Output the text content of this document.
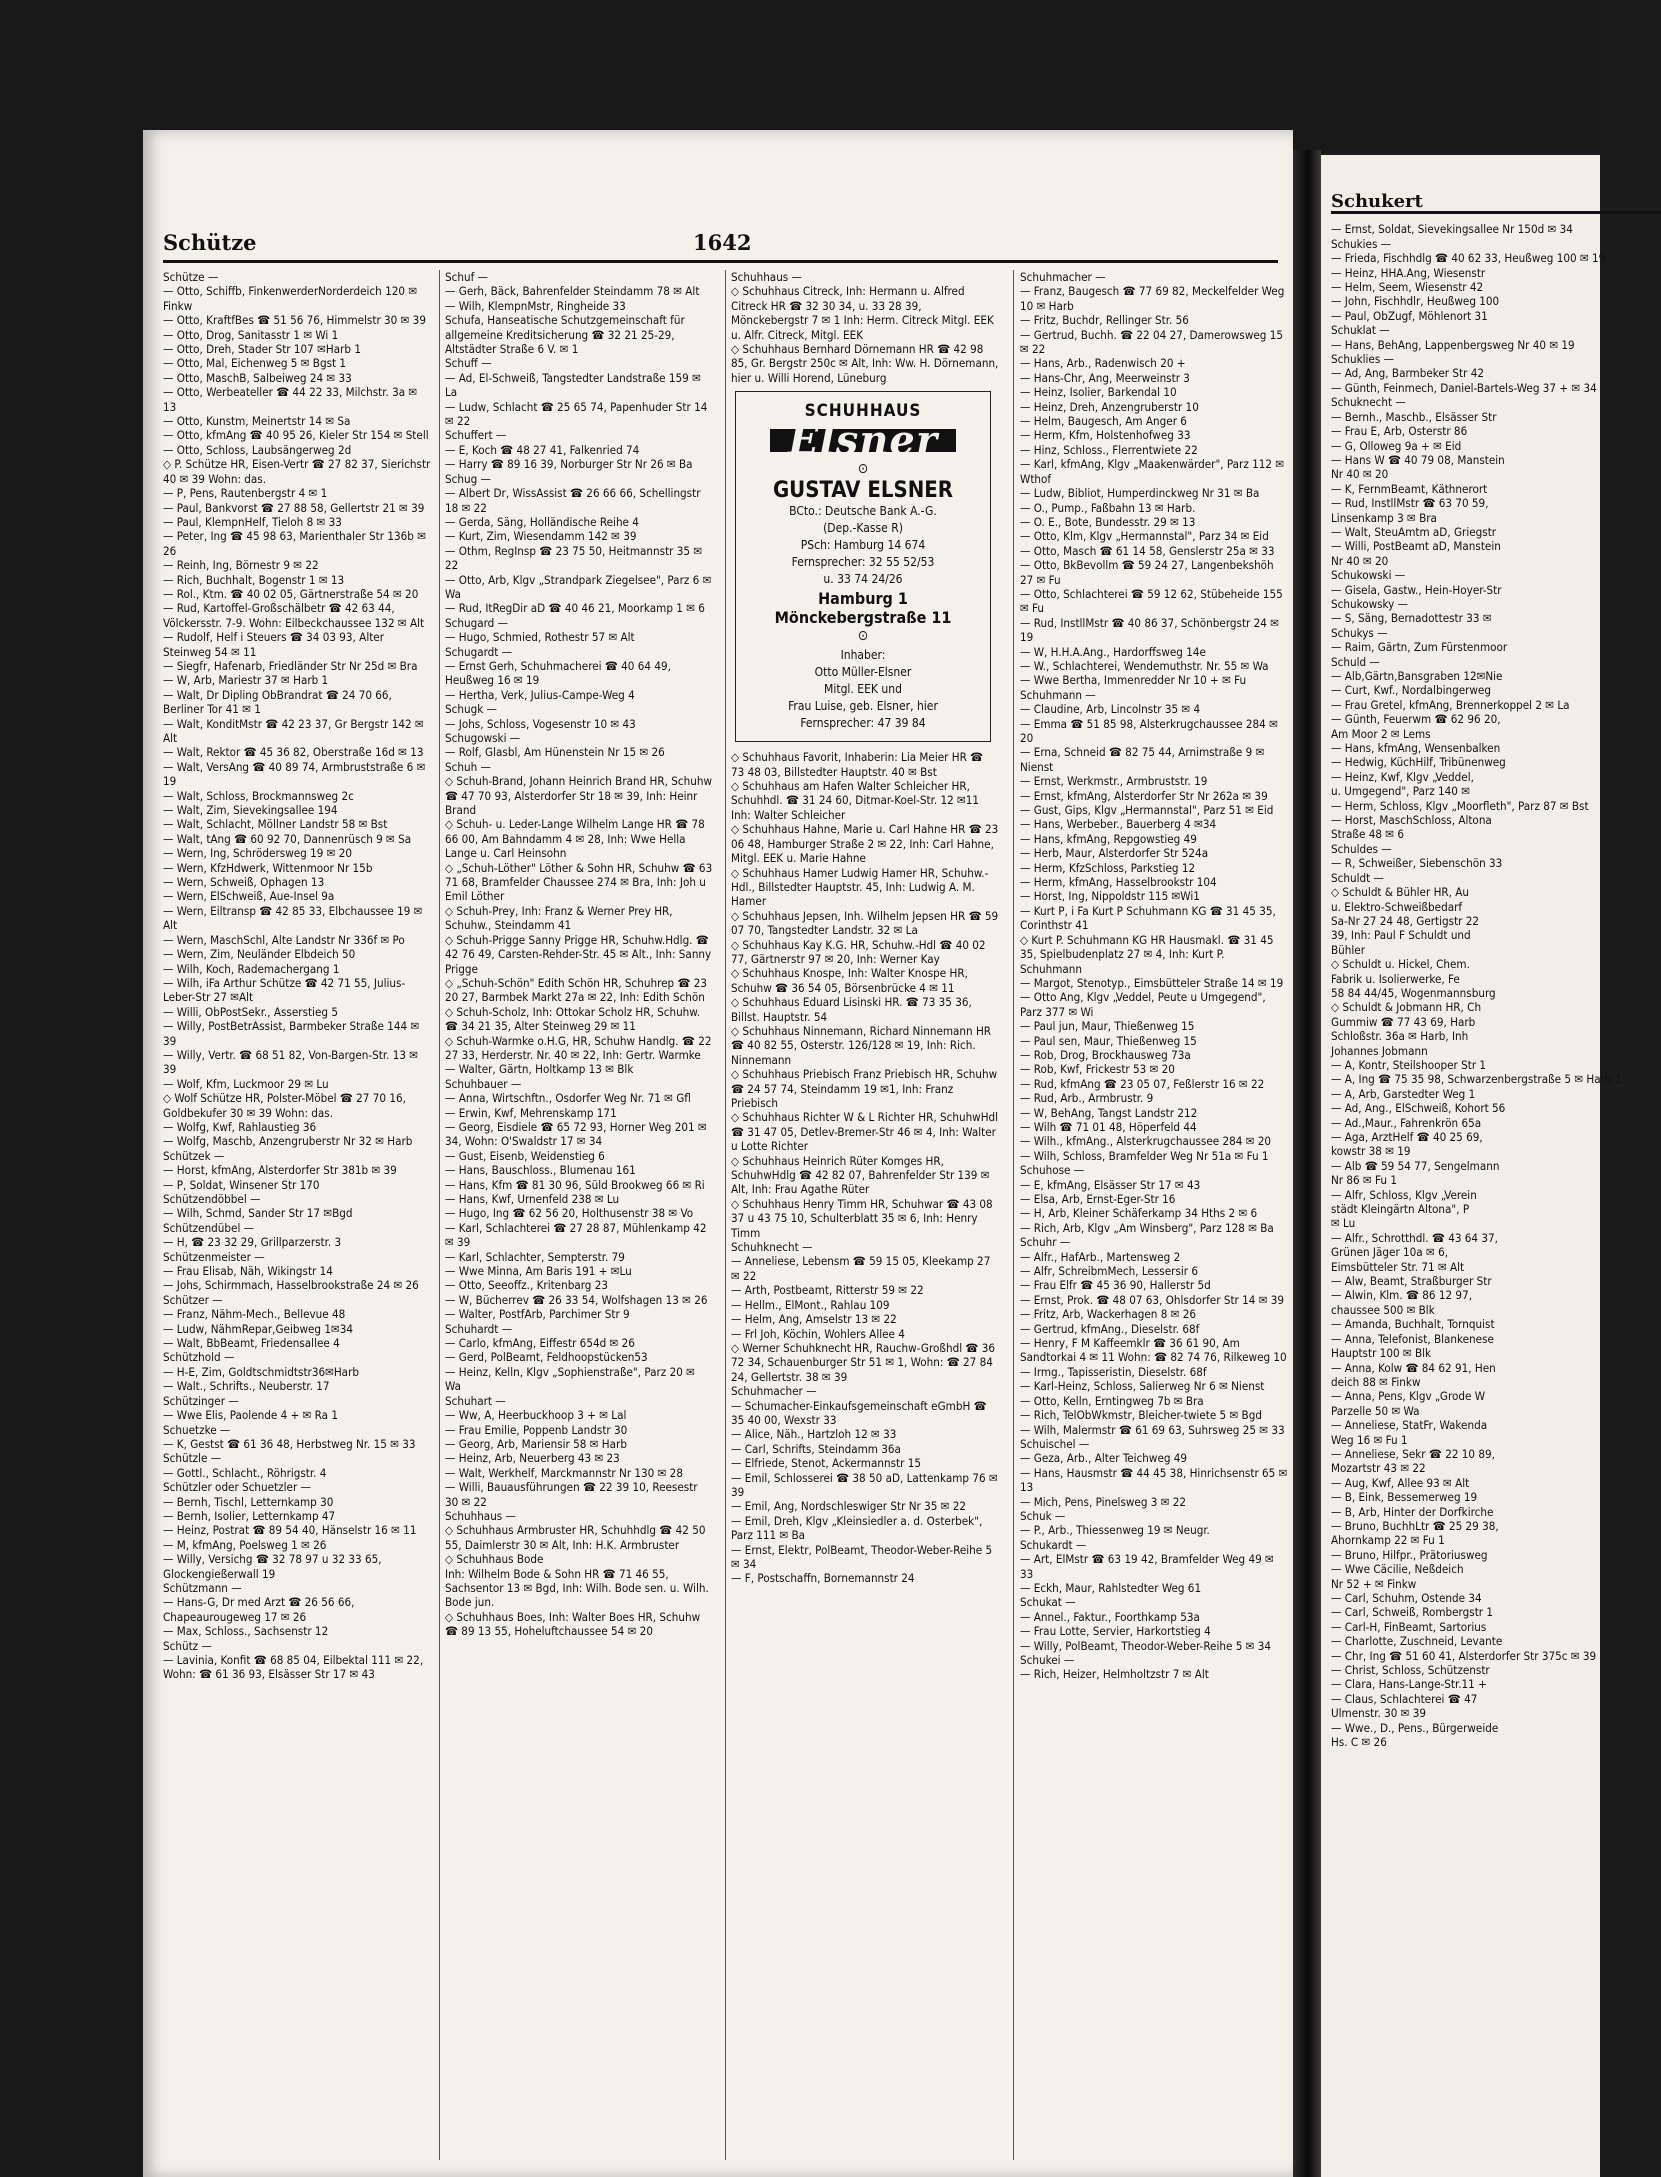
Schütze	1642
Schütze —
— Otto, Schiffb, FinkenwerderNorderdeich 120 ✉ Finkw
— Otto, KraftfBes ☎ 51 56 76, Himmelstr 30 ✉ 39
— Otto, Drog, Sanitasstr 1 ✉ Wi 1
— Otto, Dreh, Stader Str 107 ✉Harb 1
— Otto, Mal, Eichenweg 5 ✉ Bgst 1
— Otto, MaschB, Salbeiweg 24 ✉ 33
— Otto, Werbeateller ☎ 44 22 33, Milchstr. 3a ✉ 13
— Otto, Kunstm, Meinertstr 14 ✉ Sa
— Otto, kfmAng ☎ 40 95 26, Kieler Str 154 ✉ Stell
— Otto, Schloss, Laubsängerweg 2d
◇ P. Schütze HR, Eisen-Vertr ☎ 27 82 37, Sierichstr 40 ✉ 39 Wohn: das.
— P, Pens, Rautenbergstr 4 ✉ 1
— Paul, Bankvorst ☎ 27 88 58, Gellertstr 21 ✉ 39
— Paul, KlempnHelf, Tieloh 8 ✉ 33
— Peter, Ing ☎ 45 98 63, Marienthaler Str 136b ✉ 26
— Reinh, Ing, Börnestr 9 ✉ 22
— Rich, Buchhalt, Bogenstr 1 ✉ 13
— Rol., Ktm. ☎ 40 02 05, Gärtnerstraße 54 ✉ 20
— Rud, Kartoffel-Großschälbetr ☎ 42 63 44, Völckersstr. 7-9. Wohn: Eilbeckchaussee 132 ✉ Alt
— Rudolf, Helf i Steuers ☎ 34 03 93, Alter Steinweg 54 ✉ 11
— Siegfr, Hafenarb, Friedländer Str Nr 25d ✉ Bra
— W, Arb, Mariestr 37 ✉ Harb 1
— Walt, Dr Dipling ObBrandrat ☎ 24 70 66, Berliner Tor 41 ✉ 1
— Walt, KonditMstr ☎ 42 23 37, Gr Bergstr 142 ✉ Alt
— Walt, Rektor ☎ 45 36 82, Oberstraße 16d ✉ 13
— Walt, VersAng ☎ 40 89 74, Armbruststraße 6 ✉ 19
— Walt, Schloss, Brockmannsweg 2c
— Walt, Zim, Sievekingsallee 194
— Walt, Schlacht, Möllner Landstr 58 ✉ Bst
— Walt, tAng ☎ 60 92 70, Dannenrüsch 9 ✉ Sa
— Wern, Ing, Schrödersweg 19 ✉ 20
— Wern, KfzHdwerk, Wittenmoor Nr 15b
— Wern, Schweiß, Ophagen 13
— Wern, ElSchweiß, Aue-Insel 9a
— Wern, Eiltransp ☎ 42 85 33, Elbchaussee 19 ✉ Alt
— Wern, MaschSchl, Alte Landstr Nr 336f ✉ Po
— Wern, Zim, Neuländer Elbdeich 50
— Wilh, Koch, Rademachergang 1
— Wilh, iFa Arthur Schütze ☎ 42 71 55, Julius-Leber-Str 27 ✉Alt
— Willi, ObPostSekr., Asserstieg 5
— Willy, PostBetrAssist, Barmbeker Straße 144 ✉ 39
— Willy, Vertr. ☎ 68 51 82, Von-Bargen-Str. 13 ✉ 39
— Wolf, Kfm, Luckmoor 29 ✉ Lu
◇ Wolf Schütze HR, Polster-Möbel ☎ 27 70 16, Goldbekufer 30 ✉ 39 Wohn: das.
— Wolfg, Kwf, Rahlaustieg 36
— Wolfg, Maschb, Anzengruberstr Nr 32 ✉ Harb
Schützek —
— Horst, kfmAng, Alsterdorfer Str 381b ✉ 39
— P, Soldat, Winsener Str 170
Schützendöbbel —
— Wilh, Schmd, Sander Str 17 ✉Bgd
Schützendübel —
— H, ☎ 23 32 29, Grillparzerstr. 3
Schützenmeister —
— Frau Elisab, Näh, Wikingstr 14
— Johs, Schirmmach, Hasselbrookstraße 24 ✉ 26
Schützer —
— Franz, Nähm-Mech., Bellevue 48
— Ludw, NähmRepar,Geibweg 1✉34
— Walt, BbBeamt, Friedensallee 4
Schützhold —
— H-E, Zim, Goldtschmidtstr36✉Harb
— Walt., Schrifts., Neuberstr. 17
Schützinger —
— Wwe Elis, Paolende 4 + ✉ Ra 1
Schuetzke —
— K, Gestst ☎ 61 36 48, Herbstweg Nr. 15 ✉ 33
Schützle —
— Gottl., Schlacht., Röhrigstr. 4
Schützler oder Schuetzler —
— Bernh, Tischl, Letternkamp 30
— Bernh, Isolier, Letternkamp 47
— Heinz, Postrat ☎ 89 54 40, Hänselstr 16 ✉ 11
— M, kfmAng, Poelsweg 1 ✉ 26
— Willy, Versichg ☎ 32 78 97 u 32 33 65, Glockengießerwall 19
Schützmann —
— Hans-G, Dr med Arzt ☎ 26 56 66, Chapeaurougeweg 17 ✉ 26
— Max, Schloss., Sachsenstr 12
Schütz —
— Lavinia, Konfit ☎ 68 85 04, Eilbektal 111 ✉ 22, Wohn: ☎ 61 36 93, Elsässer Str 17 ✉ 43
Schuf —
— Gerh, Bäck, Bahrenfelder Steindamm 78 ✉ Alt
— Wilh, KlempnMstr, Ringheide 33
Schufa, Hanseatische Schutzgemeinschaft für allgemeine Kreditsicherung ☎ 32 21 25-29, Altstädter Straße 6 V. ✉ 1
Schuff —
— Ad, El-Schweiß, Tangstedter Landstraße 159 ✉ La
— Ludw, Schlacht ☎ 25 65 74, Papenhuder Str 14 ✉ 22
Schuffert —
— E, Koch ☎ 48 27 41, Falkenried 74
— Harry ☎ 89 16 39, Norburger Str Nr 26 ✉ Ba
Schug —
— Albert Dr, WissAssist ☎ 26 66 66, Schellingstr 18 ✉ 22
— Gerda, Säng, Holländische Reihe 4
— Kurt, Zim, Wiesendamm 142 ✉ 39
— Othm, RegInsp ☎ 23 75 50, Heitmannstr 35 ✉ 22
— Otto, Arb, Klgv „Strandpark Ziegelsee", Parz 6 ✉ Wa
— Rud, ItRegDir aD ☎ 40 46 21, Moorkamp 1 ✉ 6
Schugard —
— Hugo, Schmied, Rothestr 57 ✉ Alt
Schugardt —
— Ernst Gerh, Schuhmacherei ☎ 40 64 49, Heußweg 16 ✉ 19
— Hertha, Verk, Julius-Campe-Weg 4
Schugk —
— Johs, Schloss, Vogesenstr 10 ✉ 43
Schugowski —
— Rolf, Glasbl, Am Hünenstein Nr 15 ✉ 26
Schuh —
◇ Schuh-Brand, Johann Heinrich Brand HR, Schuhw ☎ 47 70 93, Alsterdorfer Str 18 ✉ 39, Inh: Heinr Brand
◇ Schuh- u. Leder-Lange Wilhelm Lange HR ☎ 78 66 00, Am Bahndamm 4 ✉ 28, Inh: Wwe Hella Lange u. Carl Heinsohn
◇ „Schuh-Löther" Löther & Sohn HR, Schuhw ☎ 63 71 68, Bramfelder Chaussee 274 ✉ Bra, Inh: Joh u Emil Löther
◇ Schuh-Prey, Inh: Franz & Werner Prey HR, Schuhw., Steindamm 41
◇ Schuh-Prigge Sanny Prigge HR, Schuhw.Hdlg. ☎ 42 76 49, Carsten-Rehder-Str. 45 ✉ Alt., Inh: Sanny Prigge
◇ „Schuh-Schön" Edith Schön HR, Schuhrep ☎ 23 20 27, Barmbek Markt 27a ✉ 22, Inh: Edith Schön
◇ Schuh-Scholz, Inh: Ottokar Scholz HR, Schuhw. ☎ 34 21 35, Alter Steinweg 29 ✉ 11
◇ Schuh-Warmke o.H.G, HR, Schuhw Handlg. ☎ 22 27 33, Herderstr. Nr. 40 ✉ 22, Inh: Gertr. Warmke
— Walter, Gärtn, Holtkamp 13 ✉ Blk
Schuhbauer —
— Anna, Wirtschftn., Osdorfer Weg Nr. 71 ✉ Gfl
— Erwin, Kwf, Mehrenskamp 171
— Georg, Eisdiele ☎ 65 72 93, Horner Weg 201 ✉ 34, Wohn: O'Swaldstr 17 ✉ 34
— Gust, Eisenb, Weidenstieg 6
— Hans, Bauschloss., Blumenau 161
— Hans, Kfm ☎ 81 30 96, Süld Brookweg 66 ✉ Ri
— Hans, Kwf, Urnenfeld 238 ✉ Lu
— Hugo, Ing ☎ 62 56 20, Holthusenstr 38 ✉ Vo
— Karl, Schlachterei ☎ 27 28 87, Mühlenkamp 42 ✉ 39
— Karl, Schlachter, Sempterstr. 79
— Wwe Minna, Am Baris 191 + ✉Lu
— Otto, Seeoffz., Kritenbarg 23
— W, Bücherrev ☎ 26 33 54, Wolfshagen 13 ✉ 26
— Walter, PostfArb, Parchimer Str 9
Schuhardt —
— Carlo, kfmAng, Eiffestr 654d ✉ 26
— Gerd, PolBeamt, Feldhoopstücken53
— Heinz, Kelln, Klgv „Sophienstraße", Parz 20 ✉ Wa
Schuhart —
— Ww, A, Heerbuckhoop 3 + ✉ Lal
— Frau Emilie, Poppenb Landstr 30
— Georg, Arb, Mariensir 58 ✉ Harb
— Heinz, Arb, Neuerberg 43 ✉ 23
— Walt, Werkhelf, Marckmannstr Nr 130 ✉ 28
— Willi, Bauausführungen ☎ 22 39 10, Reesestr 30 ✉ 22
Schuhhaus —
◇ Schuhhaus Armbruster HR, Schuhhdlg ☎ 42 50 55, Daimlerstr 30 ✉ Alt, Inh: H.K. Armbruster
◇ Schuhhaus Bode
Inh: Wilhelm Bode & Sohn HR ☎ 71 46 55, Sachsentor 13 ✉ Bgd, Inh: Wilh. Bode sen. u. Wilh. Bode jun.
◇ Schuhhaus Boes, Inh: Walter Boes HR, Schuhw ☎ 89 13 55, Hoheluftchaussee 54 ✉ 20
Schuhhaus —
◇ Schuhhaus Citreck, Inh: Hermann u. Alfred Citreck HR ☎ 32 30 34, u. 33 28 39, Mönckebergstr 7 ✉ 1 Inh: Herm. Citreck Mitgl. EEK u. Alfr. Citreck, Mitgl. EEK
◇ Schuhhaus Bernhard Dörnemann HR ☎ 42 98 85, Gr. Bergstr 250c ✉ Alt, Inh: Ww. H. Dörnemann, hier u. Willi Horend, Lüneburg
SCHUHHAUS
Elsner
⊙
GUSTAV ELSNER

BCto.: Deutsche Bank A.-G.

(Dep.-Kasse R)

PSch: Hamburg 14 674

Fernsprecher: 32 55 52/53

u. 33 74 24/26

Hamburg 1
Mönckebergstraße 11
⊙

Inhaber:

Otto Müller-Elsner

Mitgl. EEK und

Frau Luise, geb. Elsner, hier

Fernsprecher: 47 39 84

◇ Schuhhaus Favorit, Inhaberin: Lia Meier HR ☎ 73 48 03, Billstedter Hauptstr. 40 ✉ Bst
◇ Schuhhaus am Hafen Walter Schleicher HR, Schuhhdl. ☎ 31 24 60, Ditmar-Koel-Str. 12 ✉11 Inh: Walter Schleicher
◇ Schuhhaus Hahne, Marie u. Carl Hahne HR ☎ 23 06 48, Hamburger Straße 2 ✉ 22, Inh: Carl Hahne, Mitgl. EEK u. Marie Hahne
◇ Schuhhaus Hamer Ludwig Hamer HR, Schuhw.-Hdl., Billstedter Hauptstr. 45, Inh: Ludwig A. M. Hamer
◇ Schuhhaus Jepsen, Inh. Wilhelm Jepsen HR ☎ 59 07 70, Tangstedter Landstr. 32 ✉ La
◇ Schuhhaus Kay K.G. HR, Schuhw.-Hdl ☎ 40 02 77, Gärtnerstr 97 ✉ 20, Inh: Werner Kay
◇ Schuhhaus Knospe, Inh: Walter Knospe HR, Schuhw ☎ 36 54 05, Börsenbrücke 4 ✉ 11
◇ Schuhhaus Eduard Lisinski HR. ☎ 73 35 36, Billst. Hauptstr. 54
◇ Schuhhaus Ninnemann, Richard Ninnemann HR ☎ 40 82 55, Osterstr. 126/128 ✉ 19, Inh: Rich. Ninnemann
◇ Schuhhaus Priebisch Franz Priebisch HR, Schuhw ☎ 24 57 74, Steindamm 19 ✉1, Inh: Franz Priebisch
◇ Schuhhaus Richter W & L Richter HR, SchuhwHdl ☎ 31 47 05, Detlev-Bremer-Str 46 ✉ 4, Inh: Walter u Lotte Richter
◇ Schuhhaus Heinrich Rüter Komges HR, SchuhwHdlg ☎ 42 82 07, Bahrenfelder Str 139 ✉ Alt, Inh: Frau Agathe Rüter
◇ Schuhhaus Henry Timm HR, Schuhwar ☎ 43 08 37 u 43 75 10, Schulterblatt 35 ✉ 6, Inh: Henry Timm
Schuhknecht —
— Anneliese, Lebensm ☎ 59 15 05, Kleekamp 27 ✉ 22
— Arth, Postbeamt, Ritterstr 59 ✉ 22
— Hellm., ElMont., Rahlau 109
— Helm, Ang, Amselstr 13 ✉ 22
— Frl Joh, Köchin, Wohlers Allee 4
◇ Werner Schuhknecht HR, Rauchw-Großhdl ☎ 36 72 34, Schauenburger Str 51 ✉ 1, Wohn: ☎ 27 84 24, Gellertstr. 38 ✉ 39
Schuhmacher —
— Schumacher-Einkaufsgemeinschaft eGmbH ☎ 35 40 00, Wexstr 33
— Alice, Näh., Hartzloh 12 ✉ 33
— Carl, Schrifts, Steindamm 36a
— Elfriede, Stenot, Ackermannstr 15
— Emil, Schlosserei ☎ 38 50 aD, Lattenkamp 76 ✉ 39
— Emil, Ang, Nordschleswiger Str Nr 35 ✉ 22
— Emil, Dreh, Klgv „Kleinsiedler a. d. Osterbek", Parz 111 ✉ Ba
— Ernst, Elektr, PolBeamt, Theodor-Weber-Reihe 5 ✉ 34
— F, Postschaffn, Bornemannstr 24
Schuhmacher —
— Franz, Baugesch ☎ 77 69 82, Meckelfelder Weg 10 ✉ Harb
— Fritz, Buchdr, Rellinger Str. 56
— Gertrud, Buchh. ☎ 22 04 27, Damerowsweg 15 ✉ 22
— Hans, Arb., Radenwisch 20 +
— Hans-Chr, Ang, Meerweinstr 3
— Heinz, Isolier, Barkendal 10
— Heinz, Dreh, Anzengruberstr 10
— Helm, Baugesch, Am Anger 6
— Herm, Kfm, Holstenhofweg 33
— Hinz, Schloss., Flerrentwiete 22
— Karl, kfmAng, Klgv „Maakenwärder", Parz 112 ✉ Wthof
— Ludw, Bibliot, Humperdinckweg Nr 31 ✉ Ba
— O., Pump., Faßbahn 13 ✉ Harb.
— O. E., Bote, Bundesstr. 29 ✉ 13
— Otto, Klm, Klgv „Hermannstal", Parz 34 ✉ Eid
— Otto, Masch ☎ 61 14 58, Genslerstr 25a ✉ 33
— Otto, BkBevollm ☎ 59 24 27, Langenbekshöh 27 ✉ Fu
— Otto, Schlachterei ☎ 59 12 62, Stübeheide 155 ✉ Fu
— Rud, InstllMstr ☎ 40 86 37, Schönbergstr 24 ✉ 19
— W, H.H.A.Ang., Hardorffsweg 14e
— W., Schlachterei, Wendemuthstr. Nr. 55 ✉ Wa
— Wwe Bertha, Immenredder Nr 10 + ✉ Fu
Schuhmann —
— Claudine, Arb, Lincolnstr 35 ✉ 4
— Emma ☎ 51 85 98, Alsterkrugchaussee 284 ✉ 20
— Erna, Schneid ☎ 82 75 44, Arnimstraße 9 ✉ Nienst
— Ernst, Werkmstr., Armbruststr. 19
— Ernst, kfmAng, Alsterdorfer Str Nr 262a ✉ 39
— Gust, Gips, Klgv „Hermannstal", Parz 51 ✉ Eid
— Hans, Werbeber., Bauerberg 4 ✉34
— Hans, kfmAng, Repgowstieg 49
— Herb, Maur, Alsterdorfer Str 524a
— Herm, KfzSchloss, Parkstieg 12
— Herm, kfmAng, Hasselbrookstr 104
— Horst, Ing, Nippoldstr 115 ✉Wi1
— Kurt P, i Fa Kurt P Schuhmann KG ☎ 31 45 35, Corinthstr 41
◇ Kurt P. Schuhmann KG HR Hausmakl. ☎ 31 45 35, Spielbudenplatz 27 ✉ 4, Inh: Kurt P. Schuhmann
— Margot, Stenotyp., Eimsbütteler Straße 14 ✉ 19
— Otto Ang, Klgv „Veddel, Peute u Umgegend", Parz 377 ✉ Wi
— Paul jun, Maur, Thießenweg 15
— Paul sen, Maur, Thießenweg 15
— Rob, Drog, Brockhausweg 73a
— Rob, Kwf, Frickestr 53 ✉ 20
— Rud, kfmAng ☎ 23 05 07, Feßlerstr 16 ✉ 22
— Rud, Arb., Armbrustr. 9
— W, BehAng, Tangst Landstr 212
— Wilh ☎ 71 01 48, Höperfeld 44
— Wilh., kfmAng., Alsterkrugchaussee 284 ✉ 20
— Wilh, Schloss, Bramfelder Weg Nr 51a ✉ Fu 1
Schuhose —
— E, kfmAng, Elsässer Str 17 ✉ 43
— Elsa, Arb, Ernst-Eger-Str 16
— H, Arb, Kleiner Schäferkamp 34 Hths 2 ✉ 6
— Rich, Arb, Klgv „Am Winsberg", Parz 128 ✉ Ba
Schuhr —
— Alfr., HafArb., Martensweg 2
— Alfr, SchreibmMech, Lessersir 6
— Frau Elfr ☎ 45 36 90, Hallerstr 5d
— Ernst, Prok. ☎ 48 07 63, Ohlsdorfer Str 14 ✉ 39
— Fritz, Arb, Wackerhagen 8 ✉ 26
— Gertrud, kfmAng., Dieselstr. 68f
— Henry, F M Kaffeemklr ☎ 36 61 90, Am Sandtorkai 4 ✉ 11 Wohn: ☎ 82 74 76, Rilkeweg 10
— Irmg., Tapisseristin, Dieselstr. 68f
— Karl-Heinz, Schloss, Salierweg Nr 6 ✉ Nienst
— Otto, Kelln, Erntingweg 7b ✉ Bra
— Rich, TelObWkmstr, Bleicher-twiete 5 ✉ Bgd
— Wilh, Malermstr ☎ 61 69 63, Suhrsweg 25 ✉ 33
Schuischel —
— Geza, Arb., Alter Teichweg 49
— Hans, Hausmstr ☎ 44 45 38, Hinrichsenstr 65 ✉ 13
— Mich, Pens, Pinelsweg 3 ✉ 22
Schuk —
— P., Arb., Thiessenweg 19 ✉ Neugr.
Schukardt —
— Art, ElMstr ☎ 63 19 42, Bramfelder Weg 49 ✉ 33
— Eckh, Maur, Rahlstedter Weg 61
Schukat —
— Annel., Faktur., Foorthkamp 53a
— Frau Lotte, Servier, Harkortstieg 4
— Willy, PolBeamt, Theodor-Weber-Reihe 5 ✉ 34
Schukei —
— Rich, Heizer, Helmholtzstr 7 ✉ Alt
Schukert
— Ernst, Soldat, Sievekingsallee Nr 150d ✉ 34
Schukies —
— Frieda, Fischhdlg ☎ 40 62 33, Heußweg 100 ✉ 19
— Heinz, HHA.Ang, Wiesenstr
— Helm, Seem, Wiesenstr 42
— John, Fischhdlr, Heußweg 100
— Paul, ObZugf, Möhlenort 31
Schuklat —
— Hans, BehAng, Lappenbergsweg Nr 40 ✉ 19
Schuklies —
— Ad, Ang, Barmbeker Str 42
— Günth, Feinmech, Daniel-Bartels-Weg 37 + ✉ 34
Schuknecht —
— Bernh., Maschb., Elsässer Str
— Frau E, Arb, Osterstr 86
— G, Olloweg 9a + ✉ Eid
— Hans W ☎ 40 79 08, Manstein
Nr 40 ✉ 20
— K, FernmBeamt, Käthnerort
— Rud, InstllMstr ☎ 63 70 59,
Linsenkamp 3 ✉ Bra
— Walt, SteuAmtm aD, Griegstr
— Willi, PostBeamt aD, Manstein
Nr 40 ✉ 20
Schukowski —
— Gisela, Gastw., Hein-Hoyer-Str
Schukowsky —
— S, Säng, Bernadottestr 33 ✉
Schukys —
— Raim, Gärtn, Zum Fürstenmoor
Schuld —
— Alb,Gärtn,Bansgraben 12✉Nie
— Curt, Kwf., Nordalbingerweg
— Frau Gretel, kfmAng, Brennerkoppel 2 ✉ La
— Günth, Feuerwm ☎ 62 96 20,
Am Moor 2 ✉ Lems
— Hans, kfmAng, Wensenbalken
— Hedwig, KüchHilf, Tribünenweg
— Heinz, Kwf, Klgv „Veddel,
u. Umgegend", Parz 140 ✉
— Herm, Schloss, Klgv „Moorfleth", Parz 87 ✉ Bst
— Horst, MaschSchloss, Altona
Straße 48 ✉ 6
Schuldes —
— R, Schweißer, Siebenschön 33
Schuldt —
◇ Schuldt & Bühler HR, Au
u. Elektro-Schweißbedarf
Sa-Nr 27 24 48, Gertigstr 22
39, Inh: Paul F Schuldt und
Bühler
◇ Schuldt u. Hickel, Chem.
Fabrik u. Isolierwerke, Fe
58 84 44/45, Wogenmannsburg
◇ Schuldt & Jobmann HR, Ch
Gummiw ☎ 77 43 69, Harb
Schloßstr. 36a ✉ Harb, Inh
Johannes Jobmann
— A, Kontr, Steilshooper Str 1
— A, Ing ☎ 75 35 98, Schwarzenbergstraße 5 ✉ Harb 1
— A, Arb, Garstedter Weg 1
— Ad, Ang., ElSchweiß, Kohort 56
— Ad.,Maur., Fahrenkrön 65a
— Aga, ArztHelf ☎ 40 25 69,
kowstr 38 ✉ 19
— Alb ☎ 59 54 77, Sengelmann
Nr 86 ✉ Fu 1
— Alfr, Schloss, Klgv „Verein
städt Kleingärtn Altona", P
✉ Lu
— Alfr., Schrotthdl. ☎ 43 64 37,
Grünen Jäger 10a ✉ 6,
Eimsbütteler Str. 71 ✉ Alt
— Alw, Beamt, Straßburger Str
— Alwin, Klm. ☎ 86 12 97,
chaussee 500 ✉ Blk
— Amanda, Buchhalt, Tornquist
— Anna, Telefonist, Blankenese
Hauptstr 100 ✉ Blk
— Anna, Kolw ☎ 84 62 91, Hen
deich 88 ✉ Finkw
— Anna, Pens, Klgv „Grode W
Parzelle 50 ✉ Wa
— Anneliese, StatFr, Wakenda
Weg 16 ✉ Fu 1
— Anneliese, Sekr ☎ 22 10 89,
Mozartstr 43 ✉ 22
— Aug, Kwf, Allee 93 ✉ Alt
— B, Eink, Bessemerweg 19
— B, Arb, Hinter der Dorfkirche
— Bruno, BuchhLtr ☎ 25 29 38,
Ahornkamp 22 ✉ Fu 1
— Bruno, Hilfpr., Prätoriusweg
— Wwe Cäcilie, Neßdeich
Nr 52 + ✉ Finkw
— Carl, Schuhm, Ostende 34
— Carl, Schweiß, Rombergstr 1
— Carl-H, FinBeamt, Sartorius
— Charlotte, Zuschneid, Levante
— Chr, Ing ☎ 51 60 41, Alsterdorfer Str 375c ✉ 39
— Christ, Schloss, Schützenstr
— Clara, Hans-Lange-Str.11 +
— Claus, Schlachterei ☎ 47
Ulmenstr. 30 ✉ 39
— Wwe., D., Pens., Bürgerweide
Hs. C ✉ 26
